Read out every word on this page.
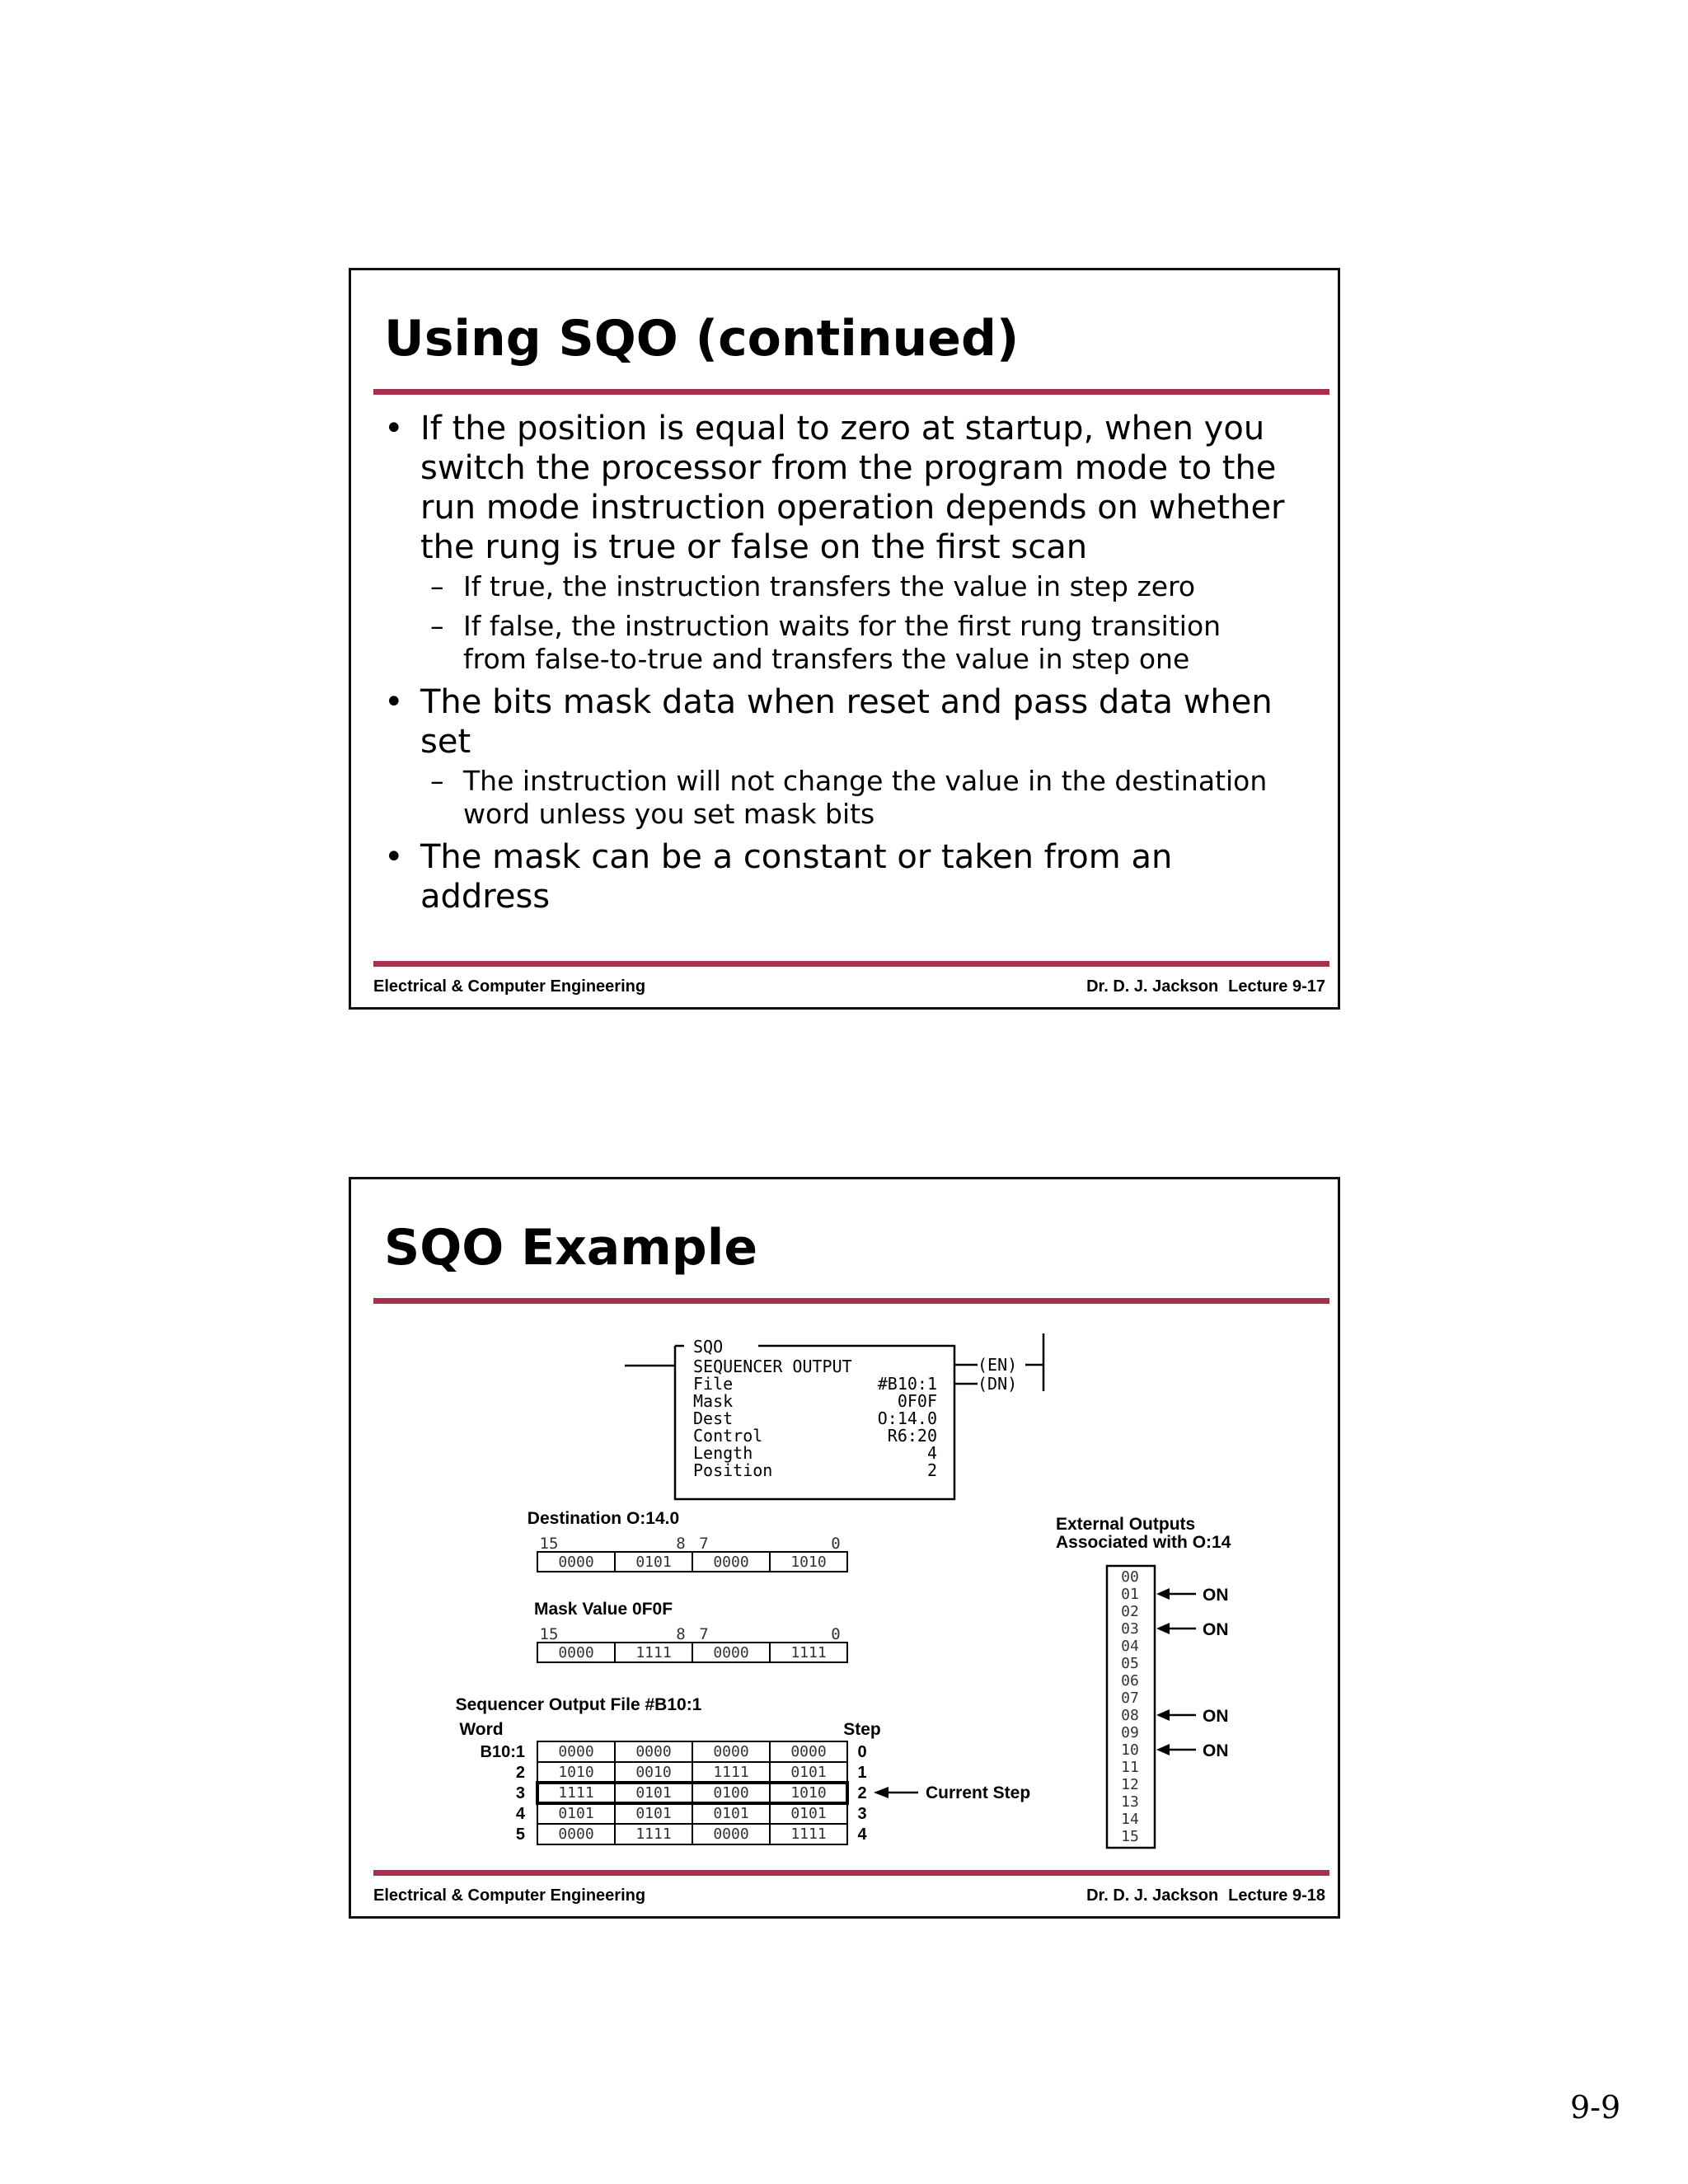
Using SQO (continued)
• If the position is equal to zero at startup, when you
switch the processor from the program mode to the
run mode instruction operation depends on whether
the rung is true or false on the first scan
– If true, the instruction transfers the value in step zero
– If false, the instruction waits for the first rung transition
from false-to-true and transfers the value in step one
• The bits mask data when reset and pass data when
set
– The instruction will not change the value in the destination
word unless you set mask bits
• The mask can be a constant or taken from an
address
Electrical & Computer Engineering	Dr. D. J. Jackson Lecture 9-17
SQO Example
SQO
SEQUENCER OUTPUT
File	#B10:1
Mask	0F0F
Dest	O:14.0
Control	R6:20
Length	4
Position	2
(EN)
(DN)
Destination O:14.0
15	8 7	0
0000	0101	0000	1010
Mask Value 0F0F
15	8 7	0
0000	1111	0000	1111
Sequencer Output File #B10:1
Word	Step
B10:1 0000	0000	0000	0000 0
2 1010	0010	1111	0101 1
3 1111	0101	0100	1010 2
4 0101	0101	0101	0101 3
5 0000	1111	0000	1111 4
Current Step
External Outputs
Associated with O:14
00
01
02
03
04
05
06
07
08
09
10
11
12
13
14
15
ON
ON
ON
ON
Electrical & Computer Engineering	Dr. D. J. Jackson Lecture 9-18
9-9
